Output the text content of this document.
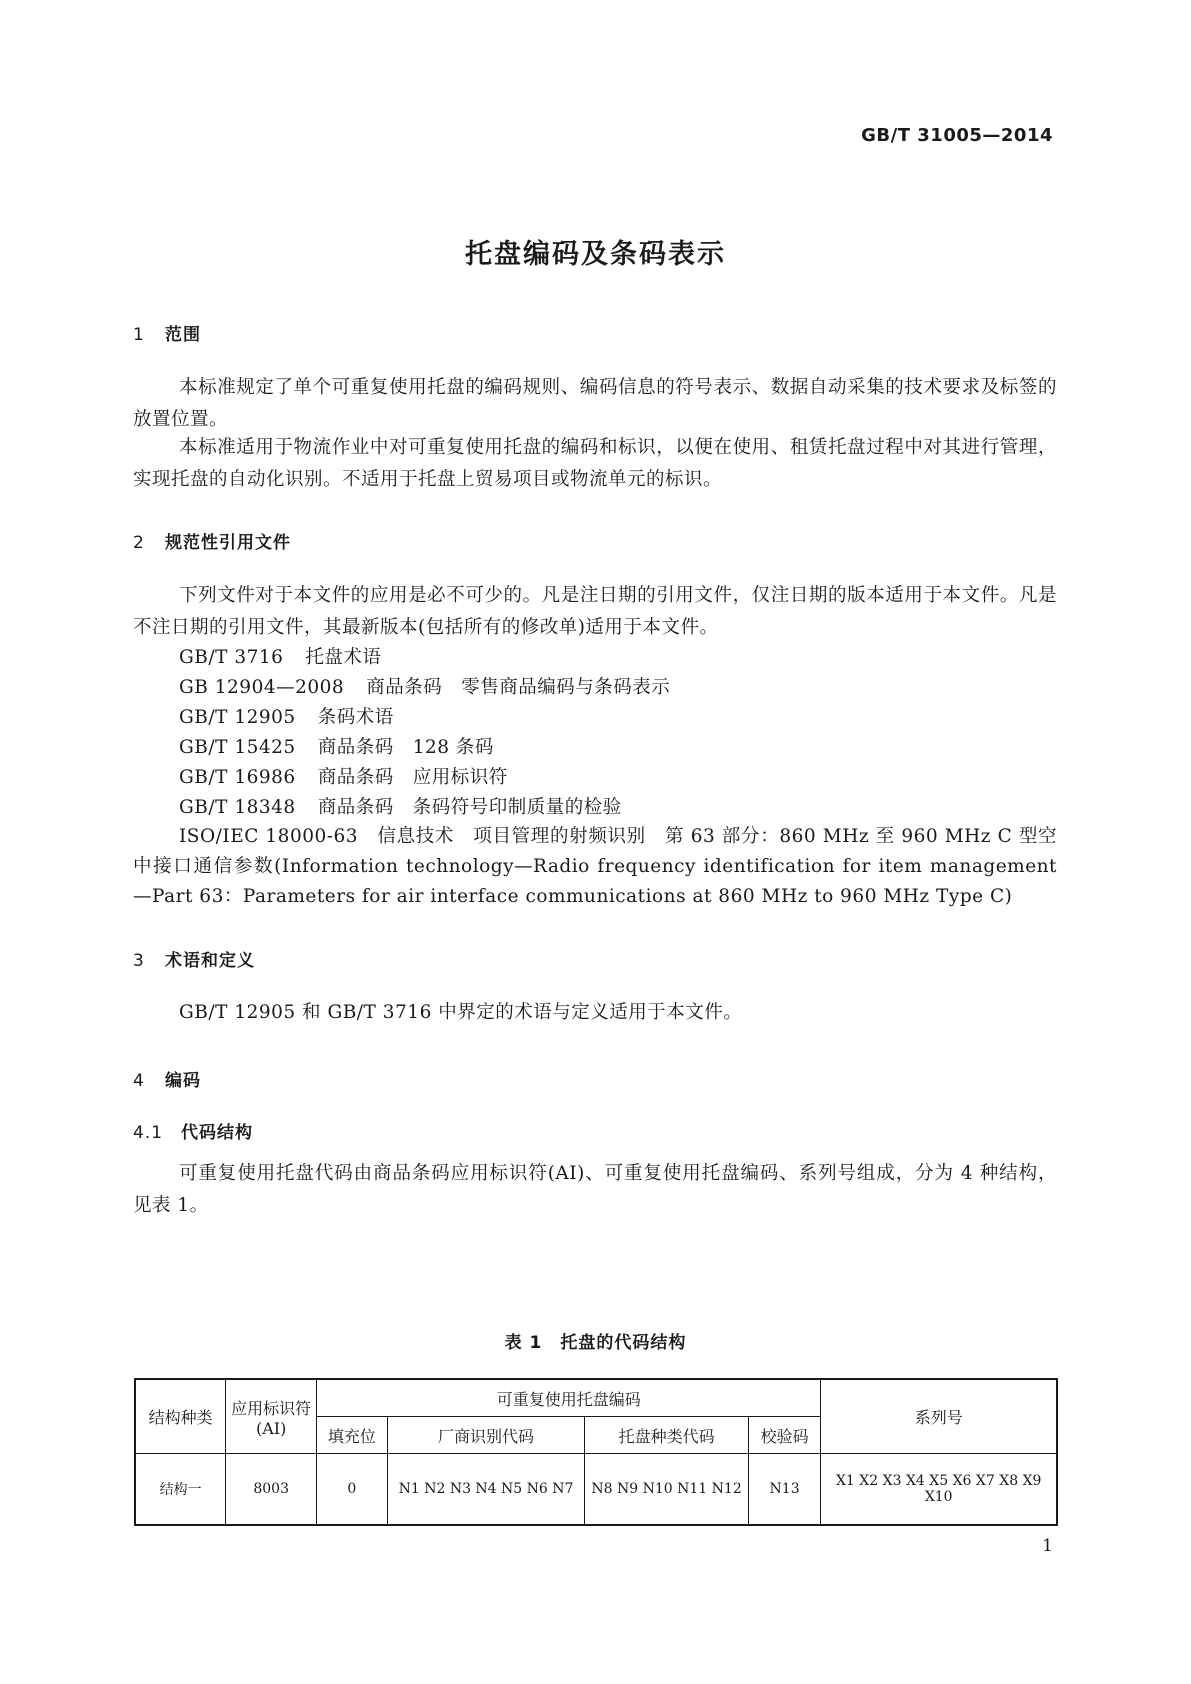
GB/T 31005—2014
托盘编码及条码表示
1 范围
本标准规定了单个可重复使用托盘的编码规则、编码信息的符号表示、数据自动采集的技术要求及标签的放置位置。
本标准适用于物流作业中对可重复使用托盘的编码和标识，以便在使用、租赁托盘过程中对其进行管理，实现托盘的自动化识别。不适用于托盘上贸易项目或物流单元的标识。
2 规范性引用文件
下列文件对于本文件的应用是必不可少的。凡是注日期的引用文件，仅注日期的版本适用于本文件。凡是不注日期的引用文件，其最新版本(包括所有的修改单)适用于本文件。
GB/T 3716 托盘术语
GB 12904—2008 商品条码　零售商品编码与条码表示
GB/T 12905 条码术语
GB/T 15425 商品条码　128 条码
GB/T 16986 商品条码　应用标识符
GB/T 18348 商品条码　条码符号印制质量的检验
ISO/IEC 18000-63　信息技术　项目管理的射频识别　第 63 部分：860 MHz 至 960 MHz C 型空中接口通信参数(Information technology—Radio frequency identification for item management—Part 63：Parameters for air interface communications at 860 MHz to 960 MHz Type C)
3 术语和定义
GB/T 12905 和 GB/T 3716 中界定的术语与定义适用于本文件。
4 编码
4.1 代码结构
可重复使用托盘代码由商品条码应用标识符(AI)、可重复使用托盘编码、系列号组成，分为 4 种结构，见表 1。
表 1　托盘的代码结构
结构种类	应用标识符(AI)	可重复使用托盘编码				系列号
		填充位	厂商识别代码	托盘种类代码	校验码	
结构一	8003	0	N1 N2 N3 N4 N5 N6 N7	N8 N9 N10 N11 N12	N13	X1 X2 X3 X4 X5 X6 X7 X8 X9 X10
1
